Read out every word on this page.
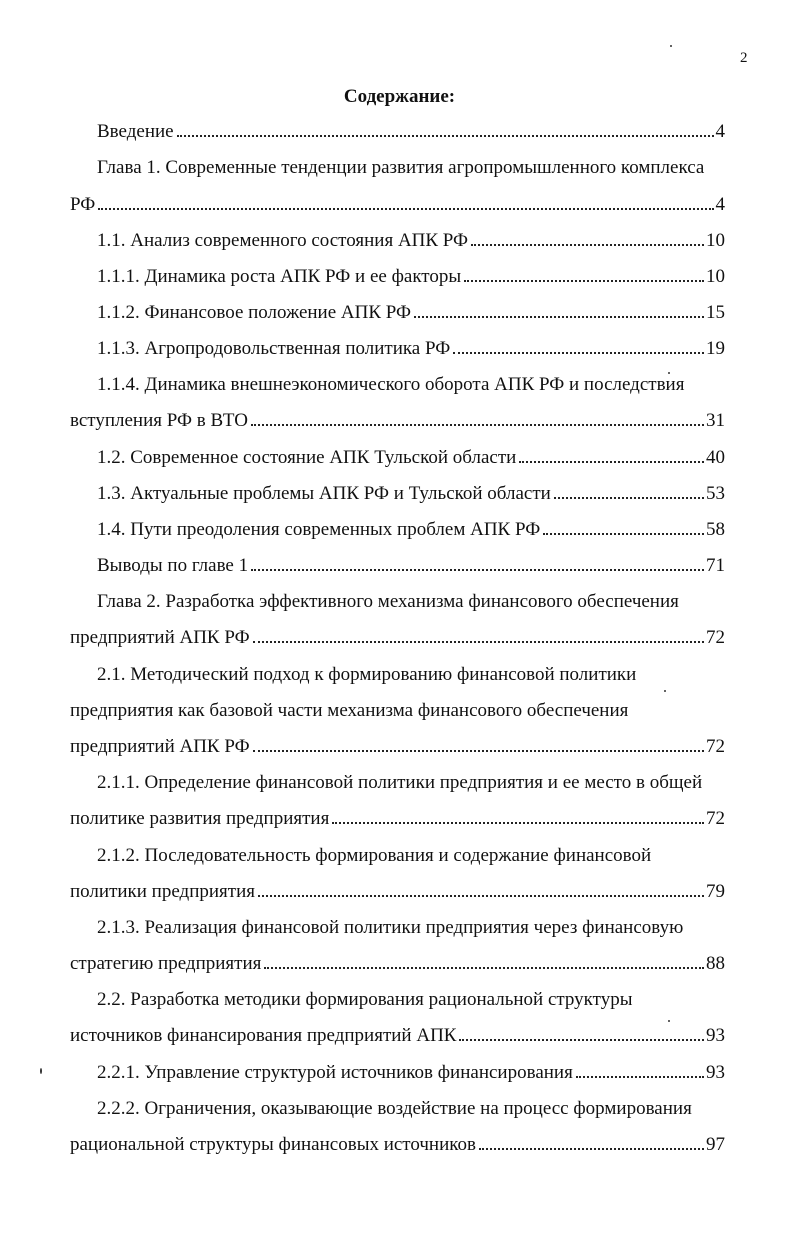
2
Содержание:
Введение	4
Глава 1. Современные тенденции развития агропромышленного комплекса
РФ	4
1.1. Анализ современного состояния АПК РФ	10
1.1.1. Динамика роста АПК РФ и ее факторы	10
1.1.2. Финансовое положение АПК РФ	15
1.1.3. Агропродовольственная политика РФ	19
1.1.4. Динамика внешнеэкономического оборота АПК РФ и последствия
вступления РФ в ВТО	31
1.2. Современное состояние АПК Тульской области	40
1.3. Актуальные проблемы АПК РФ и Тульской области	53
1.4. Пути преодоления современных проблем АПК РФ	58
Выводы по главе 1	71
Глава 2. Разработка эффективного механизма финансового обеспечения
предприятий АПК РФ	72
2.1. Методический подход к формированию финансовой политики
предприятия как базовой части механизма финансового обеспечения
предприятий АПК РФ	72
2.1.1. Определение финансовой политики предприятия и ее место в общей
политике развития предприятия	72
2.1.2. Последовательность формирования и содержание финансовой
политики предприятия	79
2.1.3. Реализация финансовой политики предприятия через финансовую
стратегию предприятия	88
2.2. Разработка методики формирования рациональной структуры
источников финансирования предприятий АПК	93
2.2.1. Управление структурой источников финансирования	93
2.2.2. Ограничения, оказывающие воздействие на процесс формирования
рациональной структуры финансовых источников	97
